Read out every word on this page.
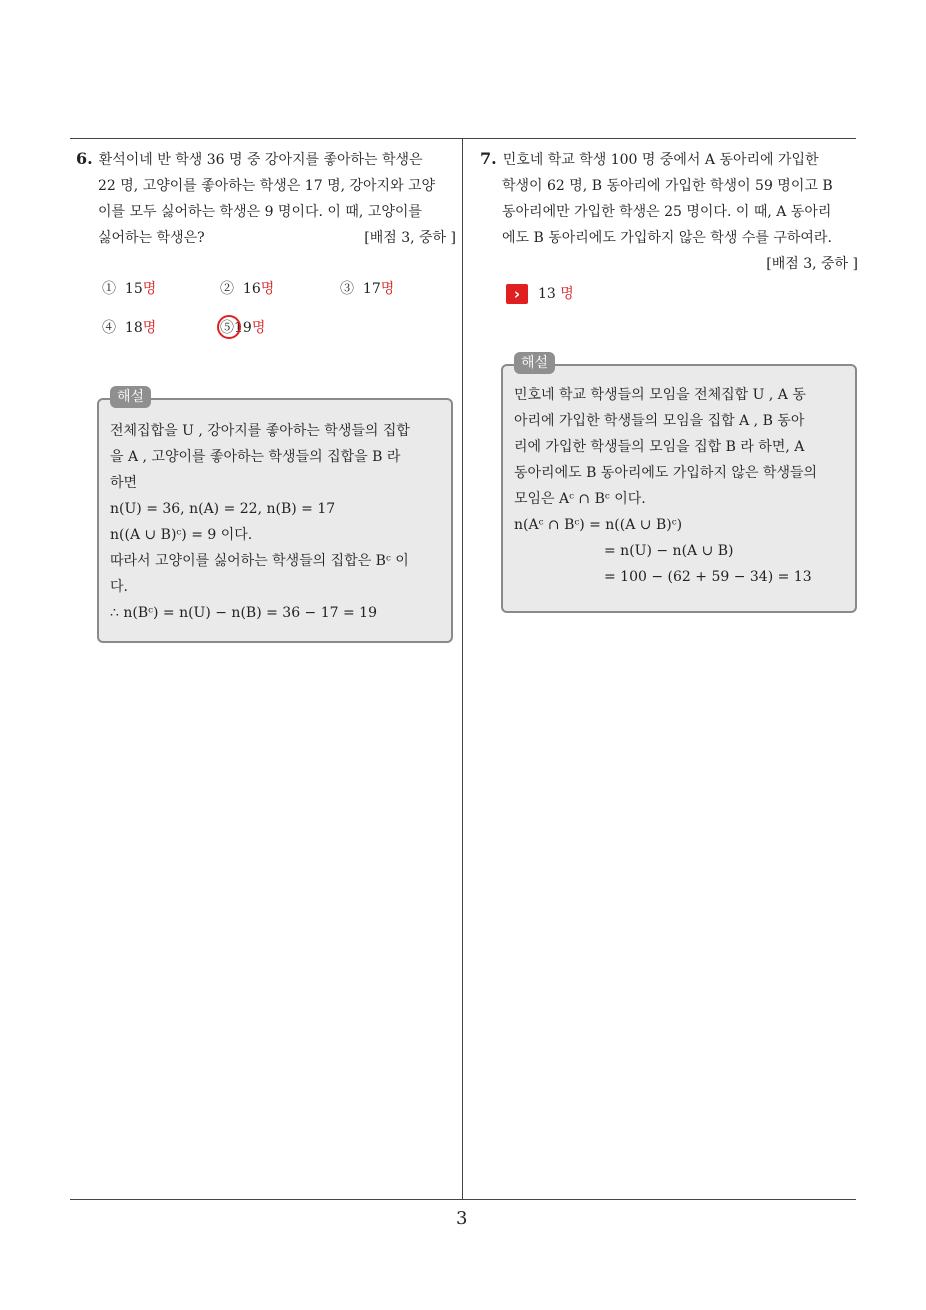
3
6. 환석이네 반 학생 36 명 중 강아지를 좋아하는 학생은
22 명, 고양이를 좋아하는 학생은 17 명, 강아지와 고양
이를 모두 싫어하는 학생은 9 명이다. 이 때, 고양이를
싫어하는 학생은?	[배점 3, 중하 ]
① 15명	② 16명	③ 17명
④ 18명	⑤19명
해설
전체집합을 U , 강아지를 좋아하는 학생들의 집합
을 A , 고양이를 좋아하는 학생들의 집합을 B 라
하면
n(U) = 36, n(A) = 22, n(B) = 17
n((A ∪ B)ᶜ) = 9 이다.
따라서 고양이를 싫어하는 학생들의 집합은 Bᶜ 이
다.
∴ n(Bᶜ) = n(U) − n(B) = 36 − 17 = 19
7. 민호네 학교 학생 100 명 중에서 A 동아리에 가입한
학생이 62 명, B 동아리에 가입한 학생이 59 명이고 B
동아리에만 가입한 학생은 25 명이다. 이 때, A 동아리
에도 B 동아리에도 가입하지 않은 학생 수를 구하여라.
[배점 3, 중하 ]
›	13 명
해설
민호네 학교 학생들의 모임을 전체집합 U , A 동
아리에 가입한 학생들의 모임을 집합 A , B 동아
리에 가입한 학생들의 모임을 집합 B 라 하면, A
동아리에도 B 동아리에도 가입하지 않은 학생들의
모임은 Aᶜ ∩ Bᶜ 이다.
n(Aᶜ ∩ Bᶜ) = n((A ∪ B)ᶜ)
= n(U) − n(A ∪ B)
= 100 − (62 + 59 − 34) = 13
